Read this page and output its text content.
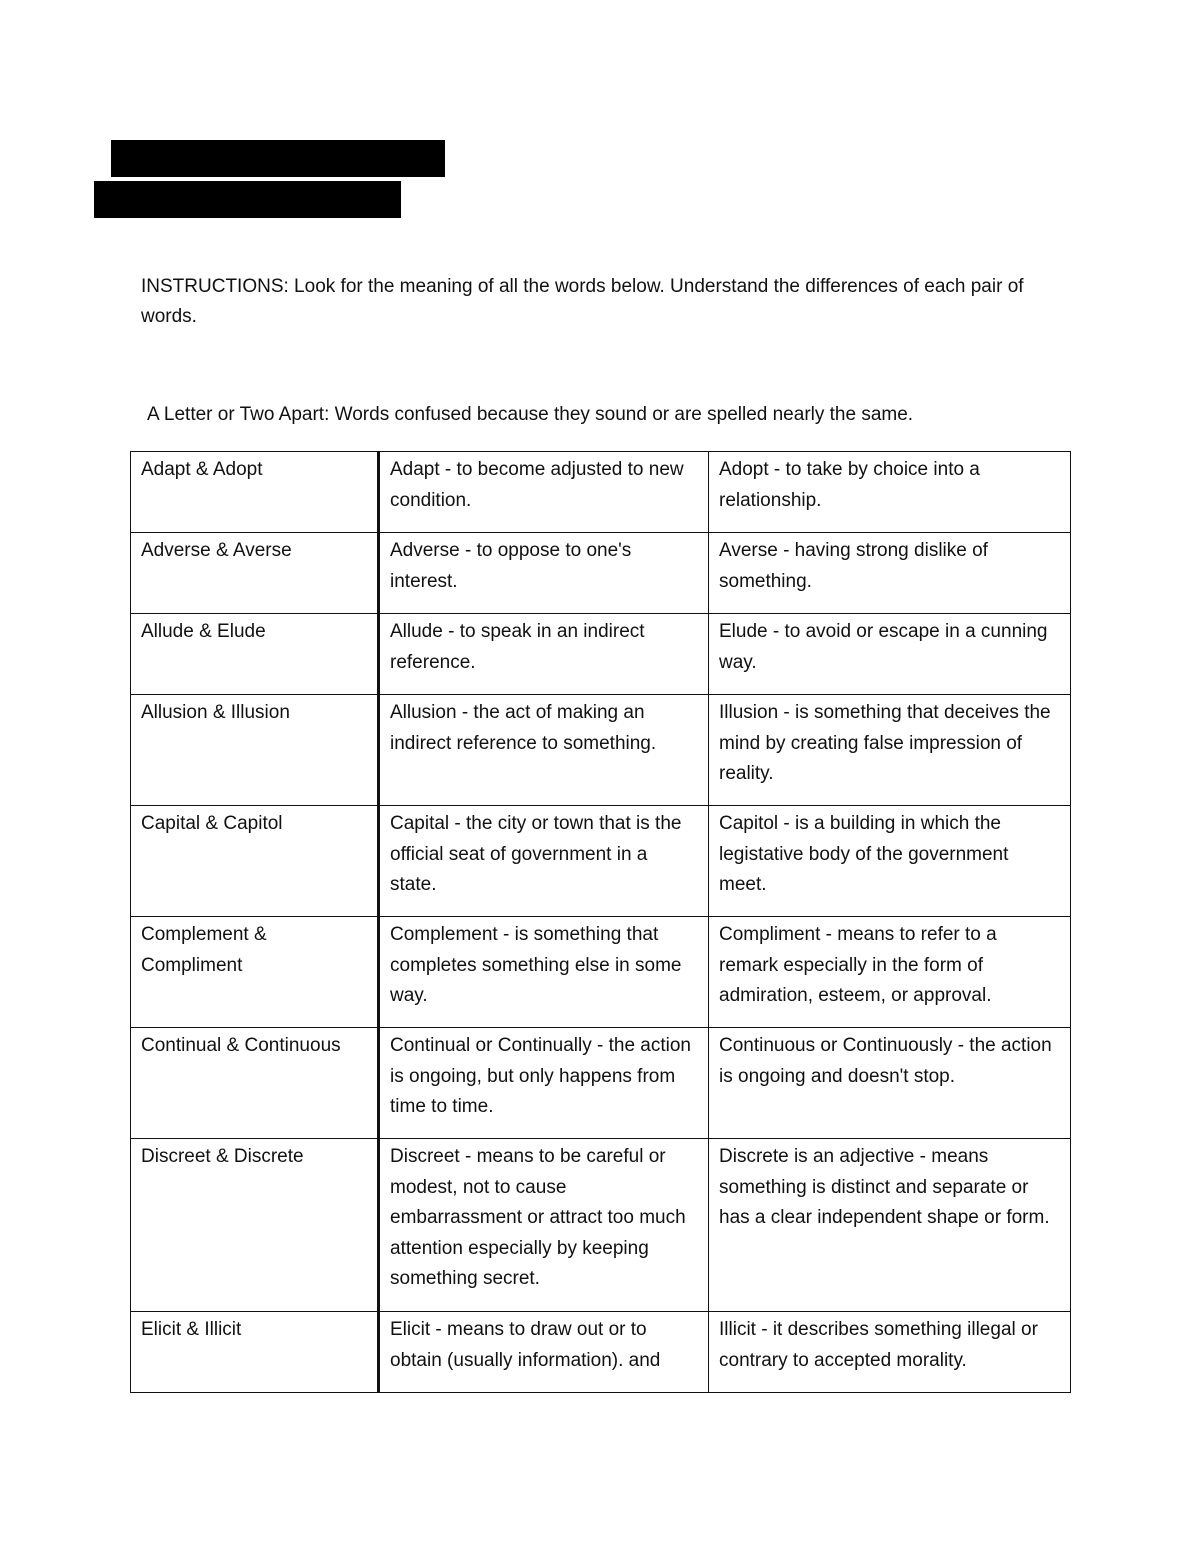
INSTRUCTIONS: Look for the meaning of all the words below. Understand the differences of each pair of words.
A Letter or Two Apart: Words confused because they sound or are spelled nearly the same.
Adapt & Adopt	Adapt - to become adjusted to new condition.	Adopt - to take by choice into a relationship.
Adverse & Averse	Adverse - to oppose to one's interest.	Averse - having strong dislike of something.
Allude & Elude	Allude - to speak in an indirect reference.	Elude - to avoid or escape in a cunning way.
Allusion & Illusion	Allusion - the act of making an indirect reference to something.	Illusion - is something that deceives the mind by creating false impression of reality.
Capital & Capitol	Capital - the city or town that is the official seat of government in a state.	Capitol - is a building in which the legistative body of the government meet.
Complement & Compliment	Complement - is something that completes something else in some way.	Compliment - means to refer to a remark especially in the form of admiration, esteem, or approval.
Continual & Continuous	Continual or Continually - the action is ongoing, but only happens from time to time.	Continuous or Continuously - the action is ongoing and doesn't stop.
Discreet & Discrete	Discreet - means to be careful or modest, not to cause embarrassment or attract too much attention especially by keeping something secret.	Discrete is an adjective - means something is distinct and separate or has a clear independent shape or form.
Elicit & Illicit	Elicit - means to draw out or to obtain (usually information). and	Illicit - it describes something illegal or contrary to accepted morality.
